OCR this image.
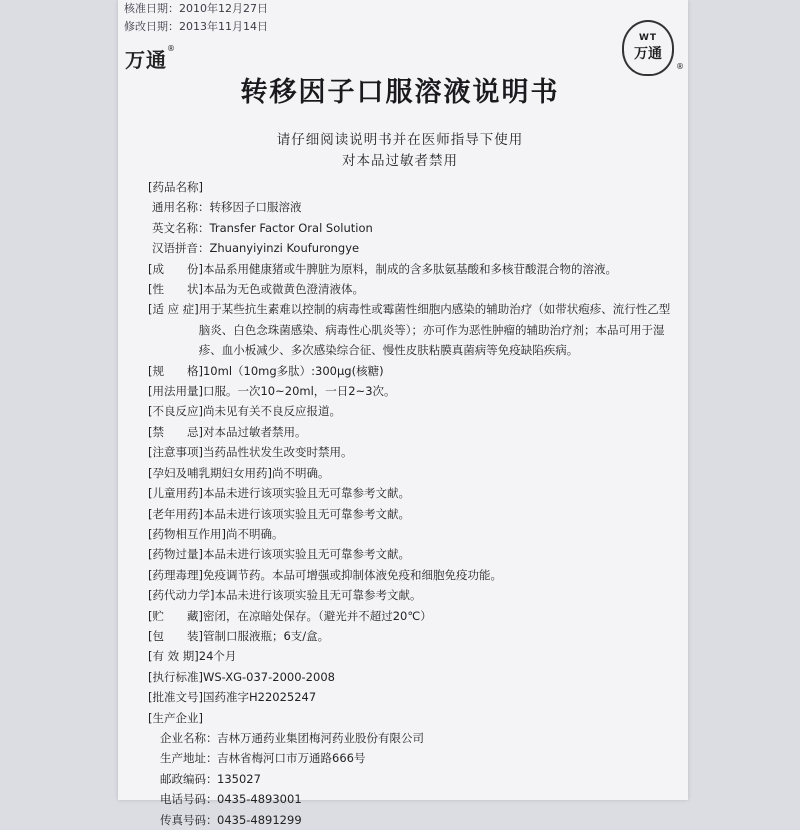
核准日期：2010年12月27日
修改日期：2013年11月14日
万通®
WT
万通
®
转移因子口服溶液说明书
请仔细阅读说明书并在医师指导下使用
对本品过敏者禁用
[药品名称]
通用名称： 转移因子口服溶液
英文名称： Transfer Factor Oral Solution
汉语拼音： Zhuanyiyinzi Koufurongye
[成　　份] 本品系用健康猪或牛脾脏为原料，制成的含多肽氨基酸和多核苷酸混合物的溶液。
[性　　状] 本品为无色或微黄色澄清液体。
[适 应 症] 用于某些抗生素难以控制的病毒性或霉菌性细胞内感染的辅助治疗（如带状疱疹、流行性乙型脑炎、白色念珠菌感染、病毒性心肌炎等）；亦可作为恶性肿瘤的辅助治疗剂；本品可用于湿疹、血小板减少、多次感染综合征、慢性皮肤粘膜真菌病等免疫缺陷疾病。
[规　　格] 10ml（10mg多肽）:300μg(核糖)
[用法用量] 口服。一次10~20ml，一日2~3次。
[不良反应] 尚未见有关不良反应报道。
[禁　　忌] 对本品过敏者禁用。
[注意事项] 当药品性状发生改变时禁用。
[孕妇及哺乳期妇女用药] 尚不明确。
[儿童用药] 本品未进行该项实验且无可靠参考文献。
[老年用药] 本品未进行该项实验且无可靠参考文献。
[药物相互作用] 尚不明确。
[药物过量] 本品未进行该项实验且无可靠参考文献。
[药理毒理] 免疫调节药。本品可增强或抑制体液免疫和细胞免疫功能。
[药代动力学] 本品未进行该项实验且无可靠参考文献。
[贮　　藏] 密闭，在凉暗处保存。（避光并不超过20℃）
[包　　装] 管制口服液瓶；6支/盒。
[有 效 期] 24个月
[执行标准] WS-XG-037-2000-2008
[批准文号] 国药准字H22025247
[生产企业]
企业名称： 吉林万通药业集团梅河药业股份有限公司
生产地址： 吉林省梅河口市万通路666号
邮政编码： 135027
电话号码： 0435-4893001
传真号码： 0435-4891299
